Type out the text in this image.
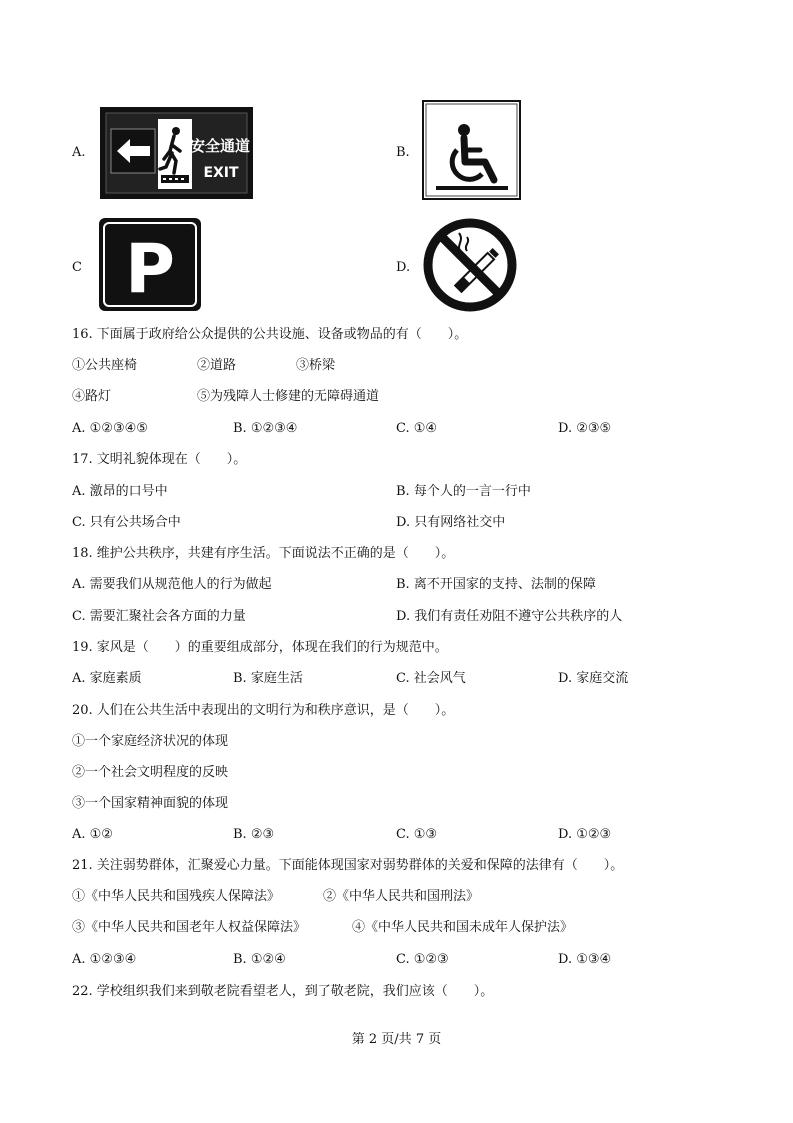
A.	B.
C	D.
安全通道
EXIT
P
16. 下面属于政府给公众提供的公共设施、设备或物品的有（　　）。
①公共座椅	②道路	③桥梁
④路灯	⑤为残障人士修建的无障碍通道
A. ①②③④⑤	B. ①②③④	C. ①④	D. ②③⑤
17. 文明礼貌体现在（　　）。
A. 激昂的口号中	B. 每个人的一言一行中
C. 只有公共场合中	D. 只有网络社交中
18. 维护公共秩序，共建有序生活。下面说法不正确的是（　　）。
A. 需要我们从规范他人的行为做起	B. 离不开国家的支持、法制的保障
C. 需要汇聚社会各方面的力量	D. 我们有责任劝阻不遵守公共秩序的人
19. 家风是（　　）的重要组成部分，体现在我们的行为规范中。
A. 家庭素质	B. 家庭生活	C. 社会风气	D. 家庭交流
20. 人们在公共生活中表现出的文明行为和秩序意识，是（　　）。
①一个家庭经济状况的体现
②一个社会文明程度的反映
③一个国家精神面貌的体现
A. ①②	B. ②③	C. ①③	D. ①②③
21. 关注弱势群体，汇聚爱心力量。下面能体现国家对弱势群体的关爱和保障的法律有（　　）。
①《中华人民共和国残疾人保障法》	②《中华人民共和国刑法》
③《中华人民共和国老年人权益保障法》	④《中华人民共和国未成年人保护法》
A. ①②③④	B. ①②④	C. ①②③	D. ①③④
22. 学校组织我们来到敬老院看望老人，到了敬老院，我们应该（　　）。
第 2 页/共 7 页
